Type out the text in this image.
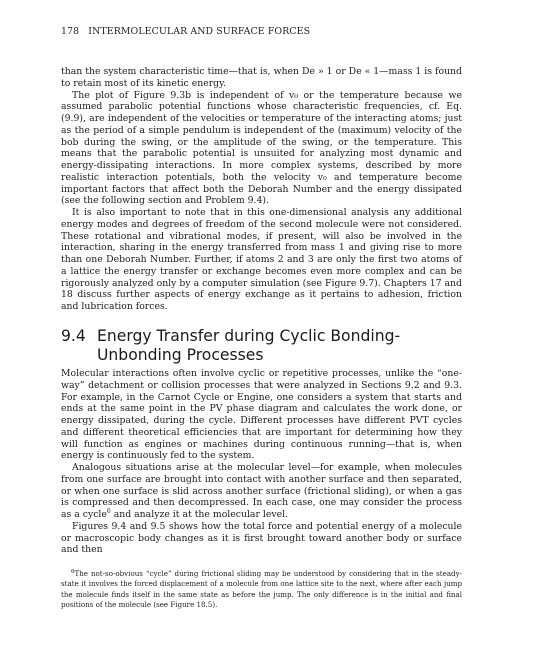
178 INTERMOLECULAR AND SURFACE FORCES

than the system characteristic time—that is, when De » 1 or De « 1—mass 1 is found to retain most of its kinetic energy.

The plot of Figure 9.3b is independent of v₀ or the temperature because we assumed parabolic potential functions whose characteristic frequencies, cf. Eq. (9.9), are independent of the velocities or temperature of the interacting atoms; just as the period of a simple pendulum is independent of the (maximum) velocity of the bob during the swing, or the amplitude of the swing, or the temperature. This means that the parabolic potential is unsuited for analyzing most dynamic and energy-dissipating interactions. In more complex systems, described by more realistic interaction potentials, both the velocity v₀ and temperature become important factors that affect both the Deborah Number and the energy dissipated (see the following section and Problem 9.4).

It is also important to note that in this one-dimensional analysis any additional energy modes and degrees of freedom of the second molecule were not considered. These rotational and vibrational modes, if present, will also be involved in the interaction, sharing in the energy transferred from mass 1 and giving rise to more than one Deborah Number. Further, if atoms 2 and 3 are only the first two atoms of a lattice the energy transfer or exchange becomes even more complex and can be rigorously analyzed only by a computer simulation (see Figure 9.7). Chapters 17 and 18 discuss further aspects of energy exchange as it pertains to adhesion, friction and lubrication forces.

9.4 Energy Transfer during Cyclic Bonding-Unbonding Processes

Molecular interactions often involve cyclic or repetitive processes, unlike the “one-way” detachment or collision processes that were analyzed in Sections 9.2 and 9.3. For example, in the Carnot Cycle or Engine, one considers a system that starts and ends at the same point in the PV phase diagram and calculates the work done, or energy dissipated, during the cycle. Different processes have different PVT cycles and different theoretical efficiencies that are important for determining how they will function as engines or machines during continuous running—that is, when energy is continuously fed to the system.

Analogous situations arise at the molecular level—for example, when molecules from one surface are brought into contact with another surface and then separated, or when one surface is slid across another surface (frictional sliding), or when a gas is compressed and then decompressed. In each case, one may consider the process as a cycle$^6$ and analyze it at the molecular level.

Figures 9.4 and 9.5 shows how the total force and potential energy of a molecule or macroscopic body changes as it is first brought toward another body or surface and then

$^6$The not-so-obvious “cycle” during frictional sliding may be understood by considering that in the steady-state it involves the forced displacement of a molecule from one lattice site to the next, where after each jump the molecule finds itself in the same state as before the jump. The only difference is in the initial and final positions of the molecule (see Figure 18.5).
